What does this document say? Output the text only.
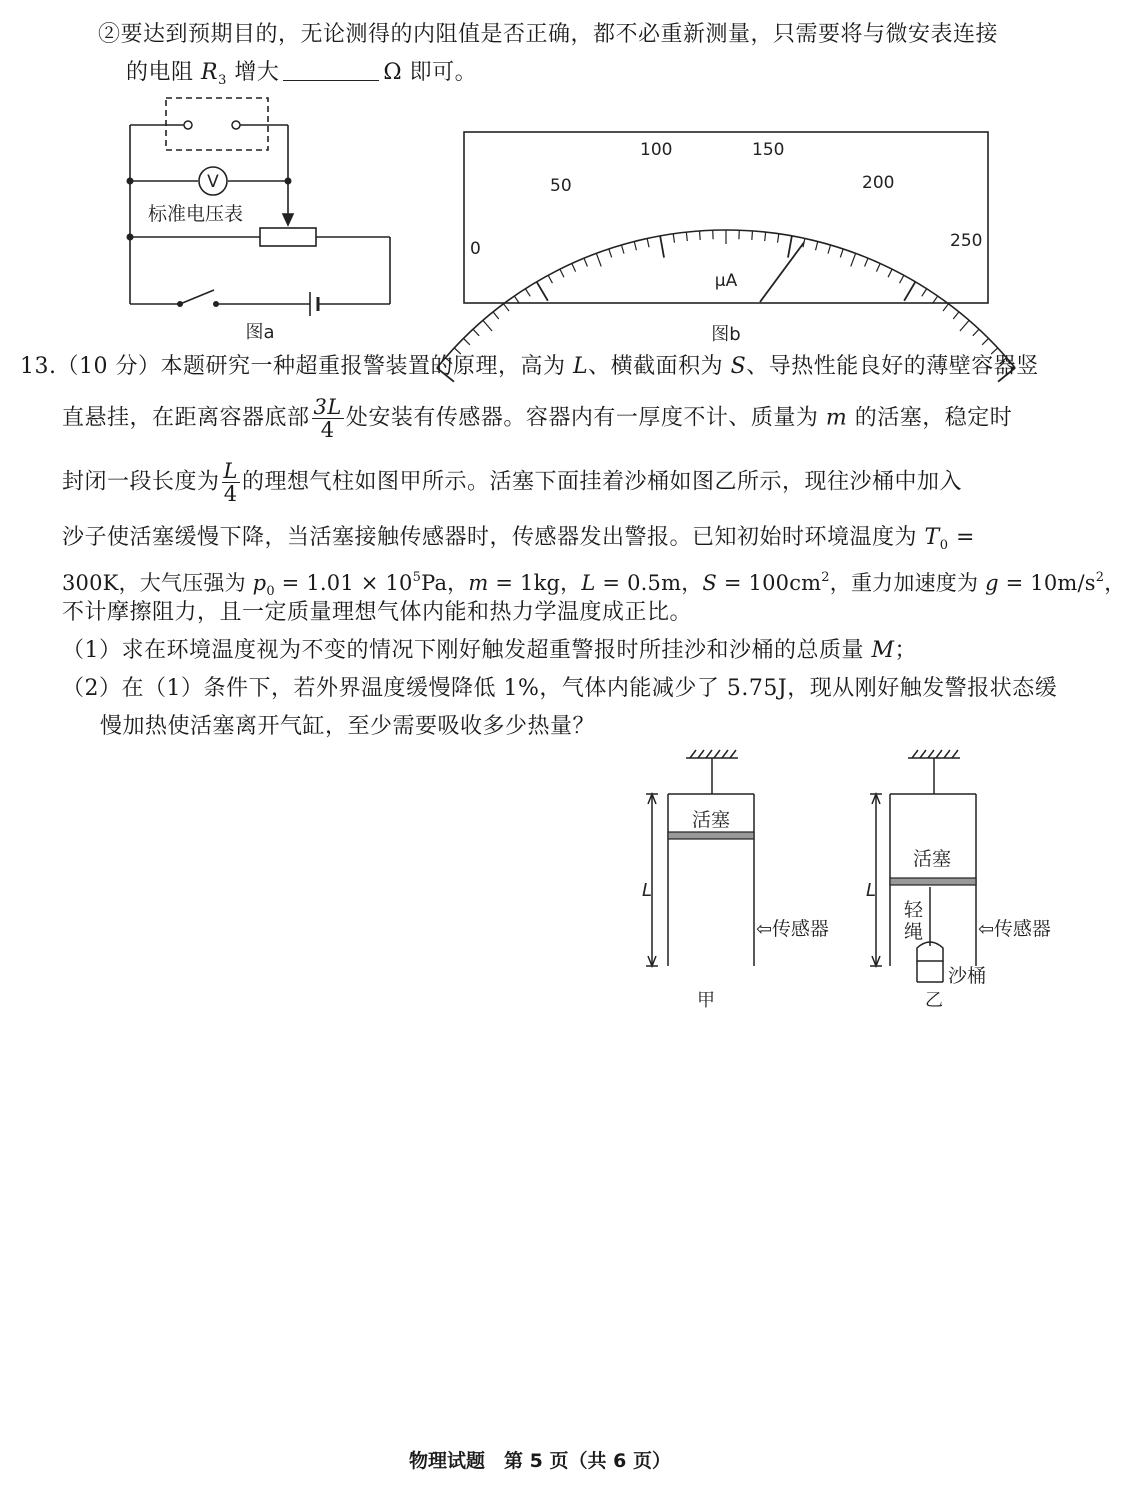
②要达到预期目的，无论测得的内阻值是否正确，都不必重新测量，只需要将与微安表连接
的电阻 $R_3$ 增大	Ω 即可。
V
标准电压表
图a
0
50
100	150
200
250
μA
图b
13.（10 分）本题研究一种超重报警装置的原理，高为 L、横截面积为 S、导热性能良好的薄壁容器竖
直悬挂，在距离容器底部 $\frac{3L}{4}$ 处安装有传感器。容器内有一厚度不计、质量为 m 的活塞，稳定时
封闭一段长度为 $\frac{L}{4}$ 的理想气柱如图甲所示。活塞下面挂着沙桶如图乙所示，现往沙桶中加入
沙子使活塞缓慢下降，当活塞接触传感器时，传感器发出警报。已知初始时环境温度为 $T_0$ =
300K，大气压强为 $p_0 = 1.01 \times 10^5Pa$，m = 1kg，L = 0.5m，$S = 100cm^2$，重力加速度为 $g = 10m/s^2$，
不计摩擦阻力，且一定质量理想气体内能和热力学温度成正比。
（1）求在环境温度视为不变的情况下刚好触发超重警报时所挂沙和沙桶的总质量 M；
（2）在（1）条件下，若外界温度缓慢降低 1%，气体内能减少了 5.75J，现从刚好触发警报状态缓
慢加热使活塞离开气缸，至少需要吸收多少热量？
活塞
L
⇦传感器
甲
活塞
L
轻绳	⇦传感器
沙桶
乙
物理试题　第 5 页（共 6 页）
